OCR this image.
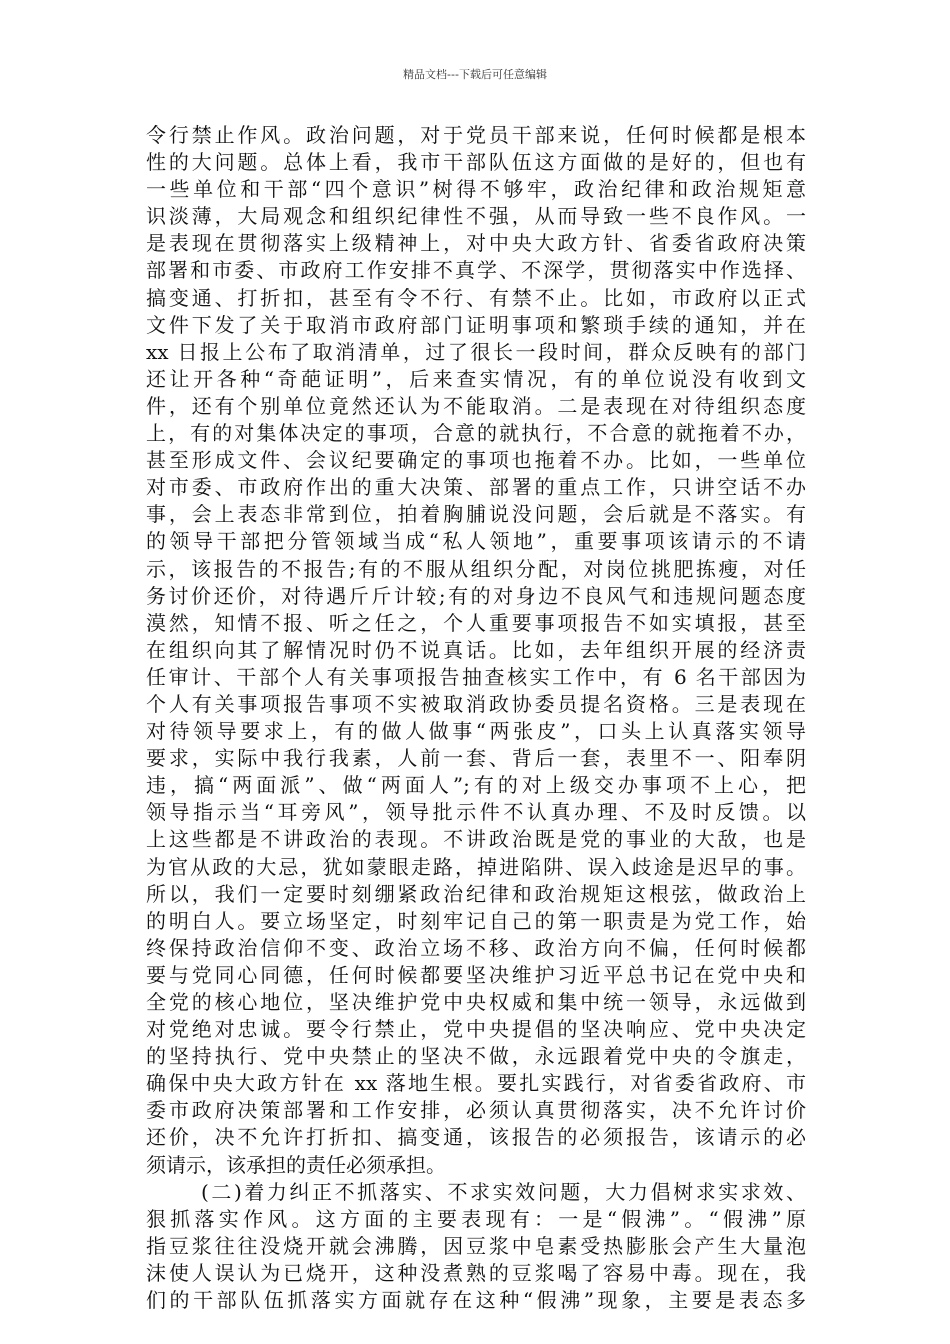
精品文档---下载后可任意编辑
令行禁止作风。政治问题，对于党员干部来说，任何时候都是根本
性的大问题。总体上看，我市干部队伍这方面做的是好的，但也有
一些单位和干部“四个意识”树得不够牢，政治纪律和政治规矩意
识淡薄，大局观念和组织纪律性不强，从而导致一些不良作风。一
是表现在贯彻落实上级精神上，对中央大政方针、省委省政府决策
部署和市委、市政府工作安排不真学、不深学，贯彻落实中作选择、
搞变通、打折扣，甚至有令不行、有禁不止。比如，市政府以正式
文件下发了关于取消市政府部门证明事项和繁琐手续的通知，并在
xx 日报上公布了取消清单，过了很长一段时间，群众反映有的部门
还让开各种“奇葩证明”，后来查实情况，有的单位说没有收到文
件，还有个别单位竟然还认为不能取消。二是表现在对待组织态度
上，有的对集体决定的事项，合意的就执行，不合意的就拖着不办，
甚至形成文件、会议纪要确定的事项也拖着不办。比如，一些单位
对市委、市政府作出的重大决策、部署的重点工作，只讲空话不办
事，会上表态非常到位，拍着胸脯说没问题，会后就是不落实。有
的领导干部把分管领域当成“私人领地”，重要事项该请示的不请
示，该报告的不报告;有的不服从组织分配，对岗位挑肥拣瘦，对任
务讨价还价，对待遇斤斤计较;有的对身边不良风气和违规问题态度
漠然，知情不报、听之任之，个人重要事项报告不如实填报，甚至
在组织向其了解情况时仍不说真话。比如，去年组织开展的经济责
任审计、干部个人有关事项报告抽查核实工作中，有 6 名干部因为
个人有关事项报告事项不实被取消政协委员提名资格。三是表现在
对待领导要求上，有的做人做事“两张皮”，口头上认真落实领导
要求，实际中我行我素，人前一套、背后一套，表里不一、阳奉阴
违，搞“两面派”、做“两面人”;有的对上级交办事项不上心，把
领导指示当“耳旁风”，领导批示件不认真办理、不及时反馈。以
上这些都是不讲政治的表现。不讲政治既是党的事业的大敌，也是
为官从政的大忌，犹如蒙眼走路，掉进陷阱、误入歧途是迟早的事。
所以，我们一定要时刻绷紧政治纪律和政治规矩这根弦，做政治上
的明白人。要立场坚定，时刻牢记自己的第一职责是为党工作，始
终保持政治信仰不变、政治立场不移、政治方向不偏，任何时候都
要与党同心同德，任何时候都要坚决维护习近平总书记在党中央和
全党的核心地位，坚决维护党中央权威和集中统一领导，永远做到
对党绝对忠诚。要令行禁止，党中央提倡的坚决响应、党中央决定
的坚持执行、党中央禁止的坚决不做，永远跟着党中央的令旗走，
确保中央大政方针在 xx 落地生根。要扎实践行，对省委省政府、市
委市政府决策部署和工作安排，必须认真贯彻落实，决不允许讨价
还价，决不允许打折扣、搞变通，该报告的必须报告，该请示的必
须请示，该承担的责任必须承担。
(二)着力纠正不抓落实、不求实效问题，大力倡树求实求效、
狠抓落实作风。这方面的主要表现有：一是“假沸”。“假沸”原
指豆浆往往没烧开就会沸腾，因豆浆中皂素受热膨胀会产生大量泡
沫使人误认为已烧开，这种没煮熟的豆浆喝了容易中毒。现在，我
们的干部队伍抓落实方面就存在这种“假沸”现象，主要是表态多
